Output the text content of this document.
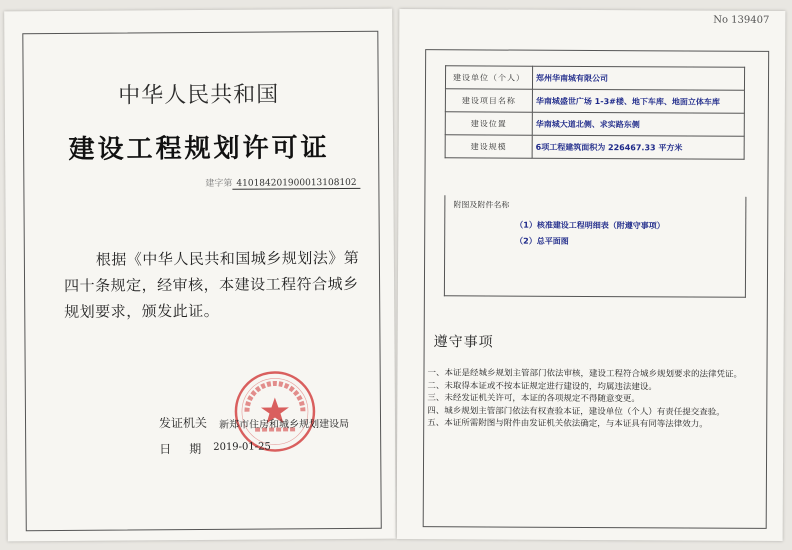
中华人民共和国
建设工程规划许可证
建字第 410184201900013108102
根据《中华人民共和国城乡规划法》第四十条规定，经审核，本建设工程符合城乡规划要求，颁发此证。
发证机关 新郑市住房和城乡规划建设局
日期
2019-01-25
No 139407
建设单位（个人）	郑州华南城有限公司
建设项目名称	华南城盛世广场 1-3#楼、地下车库、地面立体车库
建设位置	华南城大道北侧、求实路东侧
建设规模	6项工程建筑面积为 226467.33 平方米
附图及附件名称
（1）核准建设工程明细表（附遵守事项）
（2）总平面图
遵守事项

一、本证是经城乡规划主管部门依法审核，建设工程符合城乡规划要求的法律凭证。

二、未取得本证或不按本证规定进行建设的，均属违法建设。

三、未经发证机关许可，本证的各项规定不得随意变更。

四、城乡规划主管部门依法有权查验本证，建设单位（个人）有责任提交查验。

五、本证所需附图与附件由发证机关依法确定，与本证具有同等法律效力。
